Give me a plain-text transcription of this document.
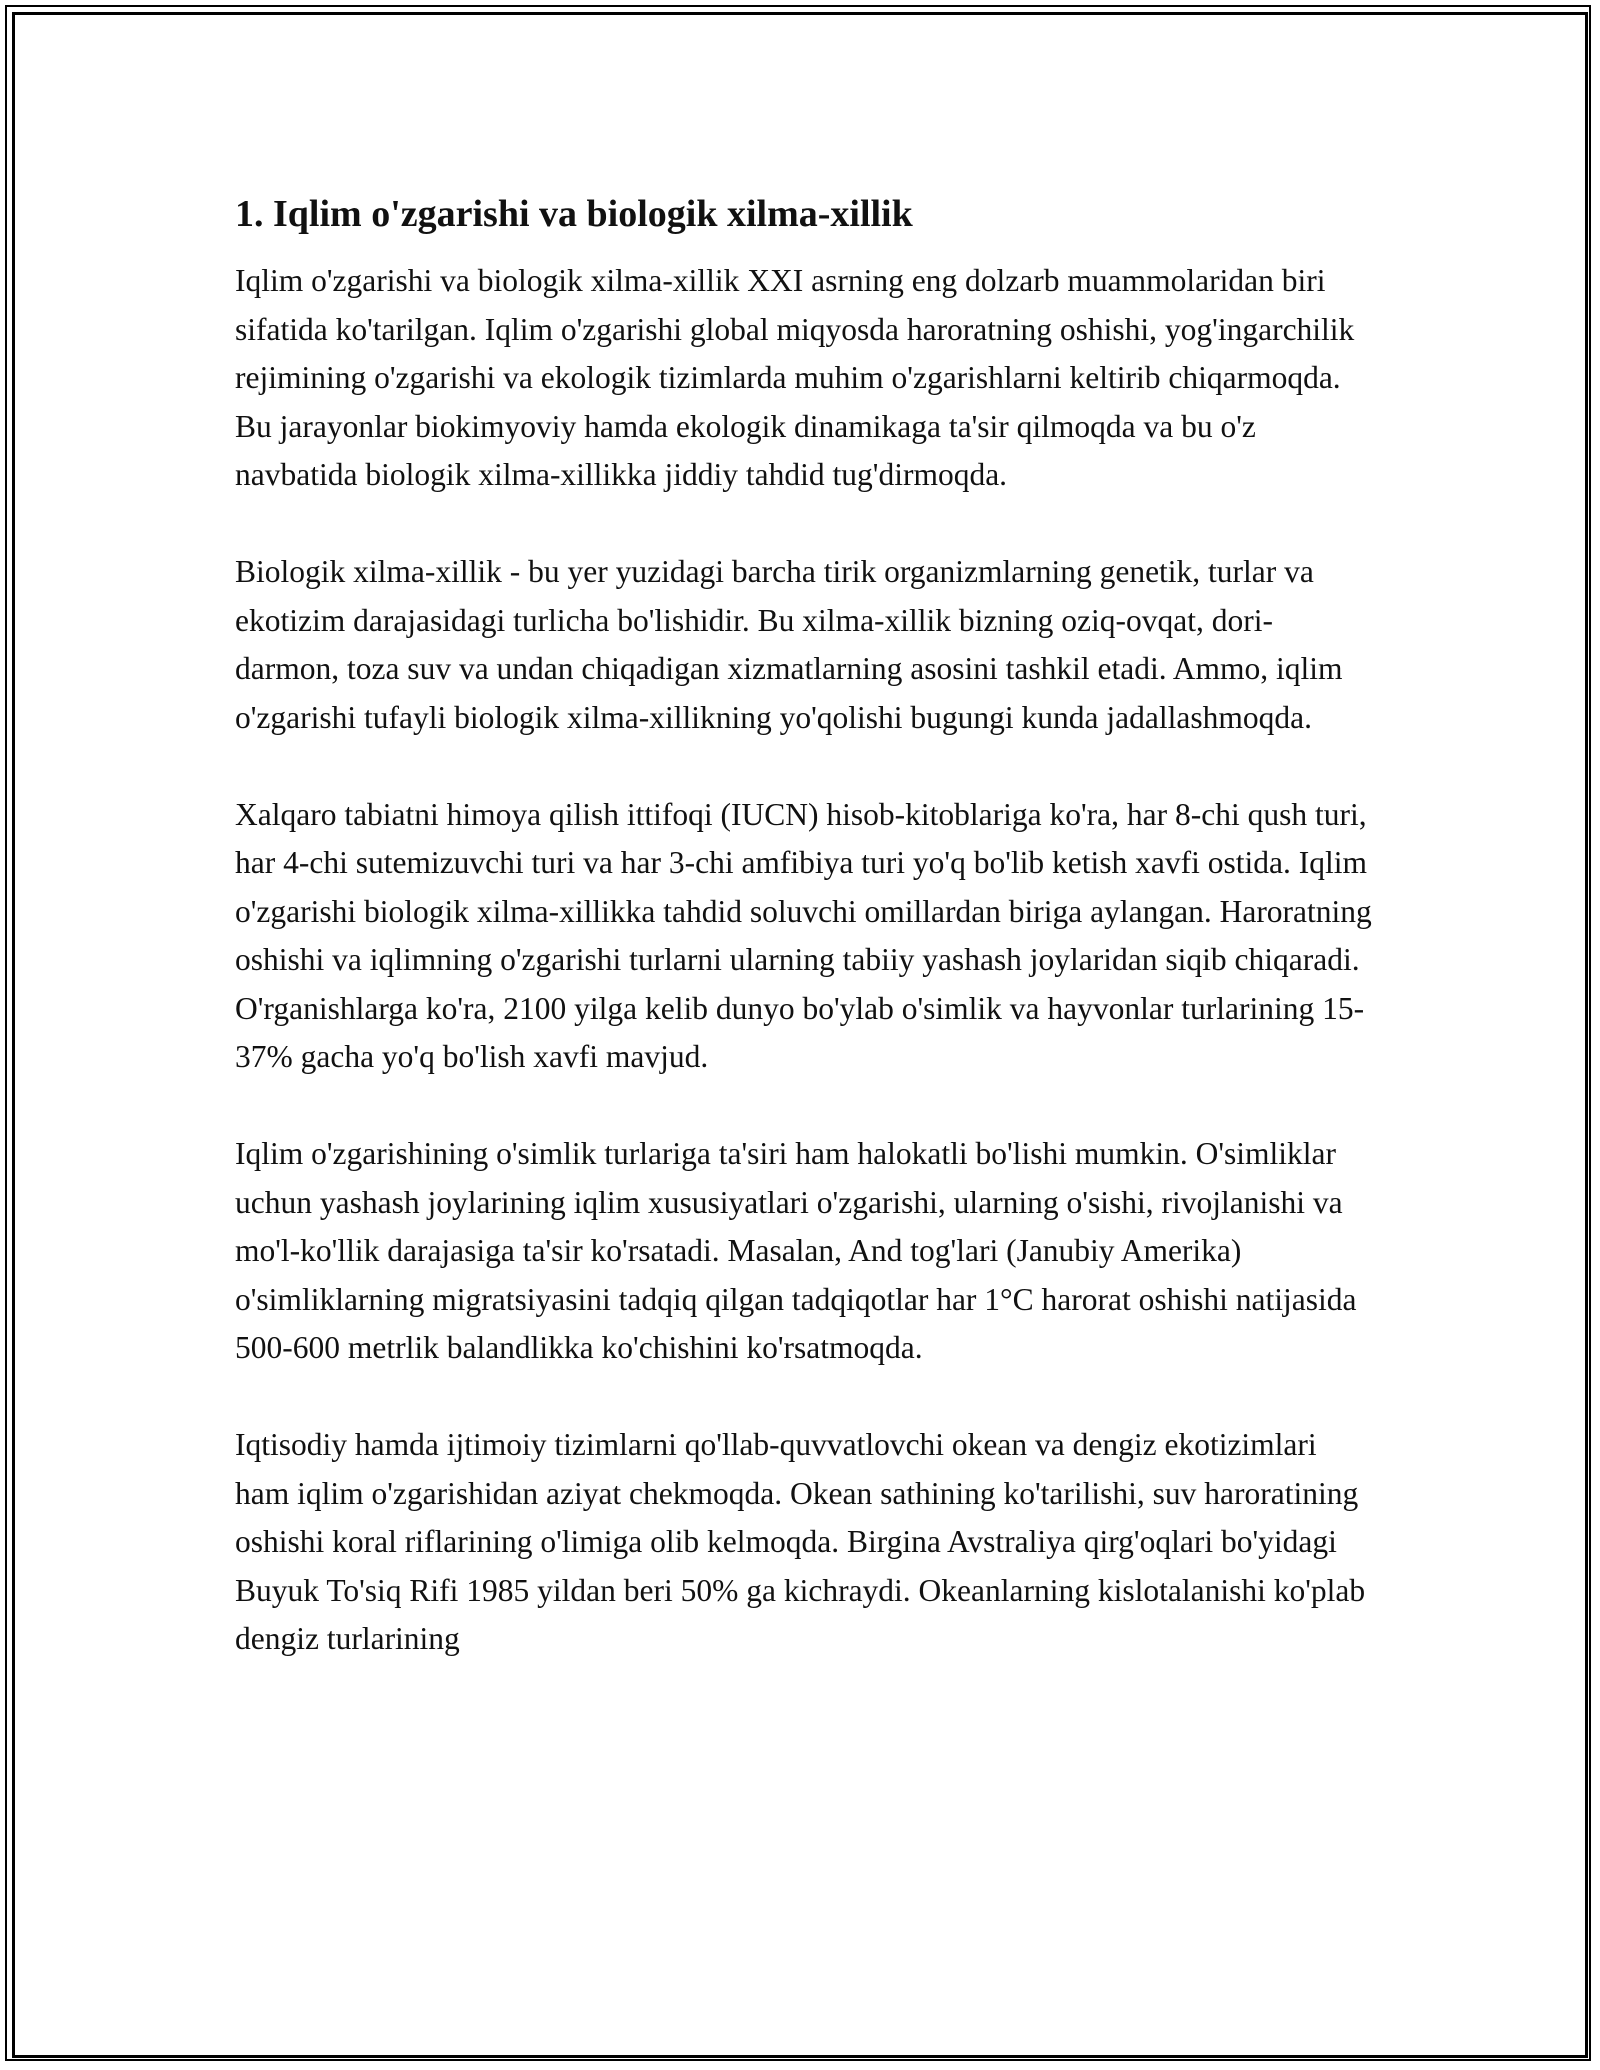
1. Iqlim o'zgarishi va biologik xilma-xillik

Iqlim o'zgarishi va biologik xilma-xillik XXI asrning eng dolzarb muammolaridan biri sifatida ko'tarilgan. Iqlim o'zgarishi global miqyosda haroratning oshishi, yog'ingarchilik rejimining o'zgarishi va ekologik tizimlarda muhim o'zgarishlarni keltirib chiqarmoqda. Bu jarayonlar biokimyoviy hamda ekologik dinamikaga ta'sir qilmoqda va bu o'z navbatida biologik xilma-xillikka jiddiy tahdid tug'dirmoqda.

Biologik xilma-xillik - bu yer yuzidagi barcha tirik organizmlarning genetik, turlar va ekotizim darajasidagi turlicha bo'lishidir. Bu xilma-xillik bizning oziq-ovqat, dori-darmon, toza suv va undan chiqadigan xizmatlarning asosini tashkil etadi. Ammo, iqlim o'zgarishi tufayli biologik xilma-xillikning yo'qolishi bugungi kunda jadallashmoqda.

Xalqaro tabiatni himoya qilish ittifoqi (IUCN) hisob-kitoblariga ko'ra, har 8-chi qush turi, har 4-chi sutemizuvchi turi va har 3-chi amfibiya turi yo'q bo'lib ketish xavfi ostida. Iqlim o'zgarishi biologik xilma-xillikka tahdid soluvchi omillardan biriga aylangan. Haroratning oshishi va iqlimning o'zgarishi turlarni ularning tabiiy yashash joylaridan siqib chiqaradi. O'rganishlarga ko'ra, 2100 yilga kelib dunyo bo'ylab o'simlik va hayvonlar turlarining 15-37% gacha yo'q bo'lish xavfi mavjud.

Iqlim o'zgarishining o'simlik turlariga ta'siri ham halokatli bo'lishi mumkin. O'simliklar uchun yashash joylarining iqlim xususiyatlari o'zgarishi, ularning o'sishi, rivojlanishi va mo'l-ko'llik darajasiga ta'sir ko'rsatadi. Masalan, And tog'lari (Janubiy Amerika) o'simliklarning migratsiyasini tadqiq qilgan tadqiqotlar har 1°C harorat oshishi natijasida 500-600 metrlik balandlikka ko'chishini ko'rsatmoqda.

Iqtisodiy hamda ijtimoiy tizimlarni qo'llab-quvvatlovchi okean va dengiz ekotizimlari ham iqlim o'zgarishidan aziyat chekmoqda. Okean sathining ko'tarilishi, suv haroratining oshishi koral riflarining o'limiga olib kelmoqda. Birgina Avstraliya qirg'oqlari bo'yidagi Buyuk To'siq Rifi 1985 yildan beri 50% ga kichraydi. Okeanlarning kislotalanishi ko'plab dengiz turlarining
